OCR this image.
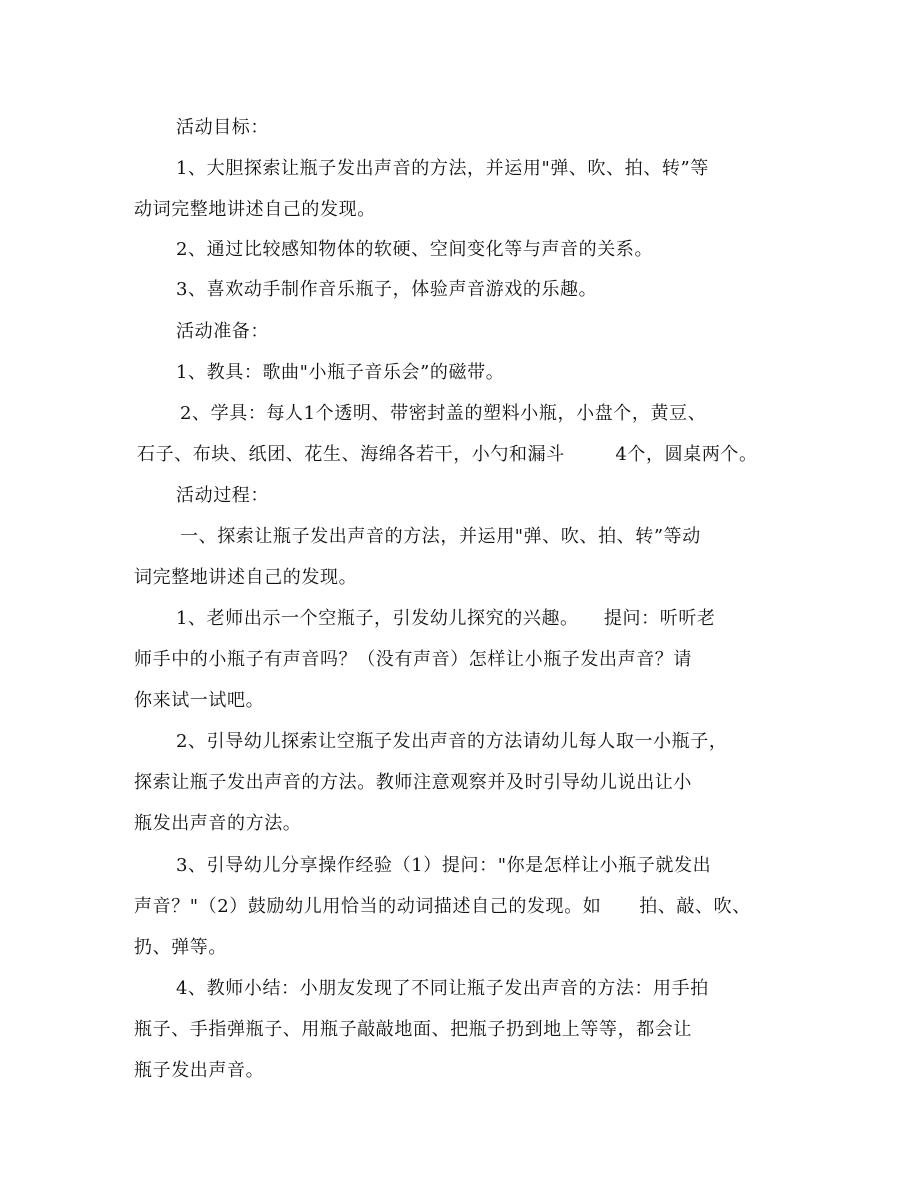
活动目标：
1、大胆探索让瓶子发出声音的方法，并运用"弹、吹、拍、转”等
动词完整地讲述自己的发现。
2、通过比较感知物体的软硬、空间变化等与声音的关系。
3、喜欢动手制作音乐瓶子，体验声音游戏的乐趣。
活动准备：
1、教具：歌曲"小瓶子音乐会”的磁带。
2、学具：每人1个透明、带密封盖的塑料小瓶，小盘个，黄豆、
石子、布块、纸团、花生、海绵各若干，小勺和漏斗        4个，圆桌两个。
活动过程：
一、探索让瓶子发出声音的方法，并运用"弹、吹、拍、转”等动
词完整地讲述自己的发现。
1、老师出示一个空瓶子，引发幼儿探究的兴趣。    提问：听听老
师手中的小瓶子有声音吗？（没有声音）怎样让小瓶子发出声音？请
你来试一试吧。
2、引导幼儿探索让空瓶子发出声音的方法请幼儿每人取一小瓶子，
探索让瓶子发出声音的方法。教师注意观察并及时引导幼儿说出让小
瓶发出声音的方法。
3、引导幼儿分享操作经验（1）提问："你是怎样让小瓶子就发出
声音？"（2）鼓励幼儿用恰当的动词描述自己的发现。如      拍、敲、吹、
扔、弹等。
4、教师小结：小朋友发现了不同让瓶子发出声音的方法：用手拍
瓶子、手指弹瓶子、用瓶子敲敲地面、把瓶子扔到地上等等，都会让
瓶子发出声音。
